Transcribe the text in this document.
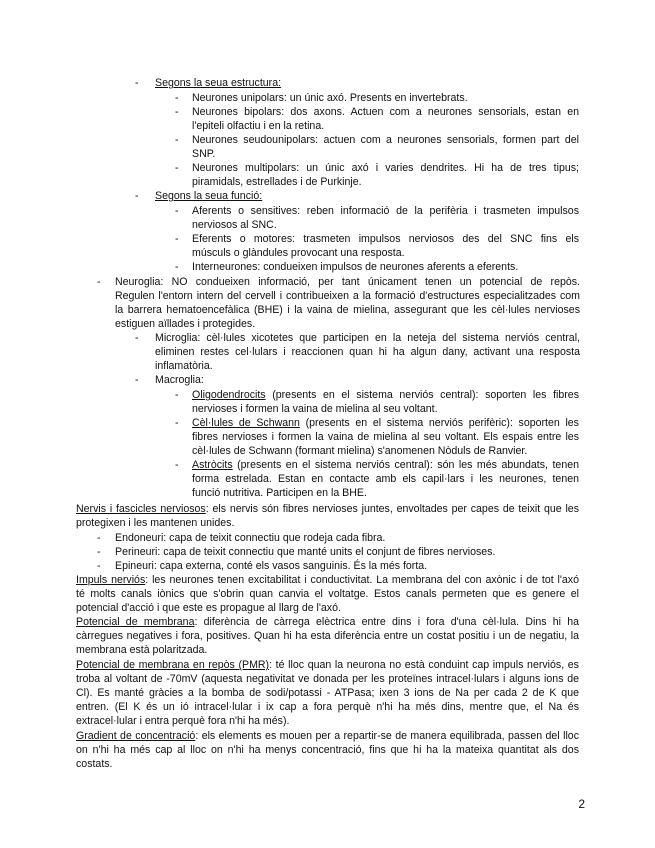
- Segons la seua estructura:
- Neurones unipolars: un únic axó. Presents en invertebrats.
- Neurones bipolars: dos axons. Actuen com a neurones sensorials, estan en
l'epiteli olfactiu i en la retina.
- Neurones seudounipolars: actuen com a neurones sensorials, formen part del
SNP.
- Neurones multipolars: un únic axó i varies dendrites. Hi ha de tres tipus;
piramidals, estrellades i de Purkinje.
- Segons la seua funció:
- Aferents o sensitives: reben informació de la perifèria i trasmeten impulsos
nerviosos al SNC.
- Eferents o motores: trasmeten impulsos nerviosos des del SNC fins els
músculs o glàndules provocant una resposta.
- Interneurones: condueixen impulsos de neurones aferents a eferents.
- Neuroglia: NO condueixen informació, per tant únicament tenen un potencial de repòs.
Regulen l'entorn intern del cervell i contribueixen a la formació d'estructures especialitzades com
la barrera hematoencefàlica (BHE) i la vaina de mielina, assegurant que les cèl·lules nervioses
estiguen aïllades i protegides.
- Microglia: cèl·lules xicotetes que participen en la neteja del sistema nerviós central,
eliminen restes cel·lulars i reaccionen quan hi ha algun dany, activant una resposta
inflamatòria.
- Macroglia:
- Oligodendrocits (presents en el sistema nerviós central): soporten les fibres
nervioses i formen la vaina de mielina al seu voltant.
- Cèl·lules de Schwann (presents en el sistema nerviós perifèric): soporten les
fibres nervioses i formen la vaina de mielina al seu voltant. Els espais entre les
cèl·lules de Schwann (formant mielina) s'anomenen Nòduls de Ranvier.
- Astròcits (presents en el sistema nerviós central): són les més abundats, tenen
forma estrelada. Estan en contacte amb els capil·lars i les neurones, tenen
funció nutritiva. Participen en la BHE.
Nervis i fascicles nerviosos: els nervis són fibres nervioses juntes, envoltades per capes de teixit que les
protegixen i les mantenen unides.
- Endoneuri: capa de teixit connectiu que rodeja cada fibra.
- Perineuri: capa de teixit connectiu que manté units el conjunt de fibres nervioses.
- Epineuri: capa externa, conté els vasos sanguinis. És la més forta.
Impuls nerviós: les neurones tenen excitabilitat i conductivitat. La membrana del con axònic i de tot l'axó
té molts canals iònics que s'obrin quan canvia el voltatge. Estos canals permeten que es genere el
potencial d'acció i que este es propague al llarg de l'axó.
Potencial de membrana: diferència de càrrega elèctrica entre dins i fora d'una cèl·lula. Dins hi ha
càrregues negatives i fora, positives. Quan hi ha esta diferència entre un costat positiu i un de negatiu, la
membrana està polaritzada.
Potencial de membrana en repòs (PMR): té lloc quan la neurona no està conduint cap impuls nerviós, es
troba al voltant de -70mV (aquesta negativitat ve donada per les proteïnes intracel·lulars i alguns ions de
Cl). Es manté gràcies a la bomba de sodi/potassi - ATPasa; ixen 3 ions de Na per cada 2 de K que
entren. (El K és un ió intracel·lular i ix cap a fora perquè n'hi ha més dins, mentre que, el Na és
extracel·lular i entra perquè fora n'hi ha més).
Gradient de concentració: els elements es mouen per a repartir-se de manera equilibrada, passen del lloc
on n'hi ha més cap al lloc on n'hi ha menys concentració, fins que hi ha la mateixa quantitat als dos
costats.
2
